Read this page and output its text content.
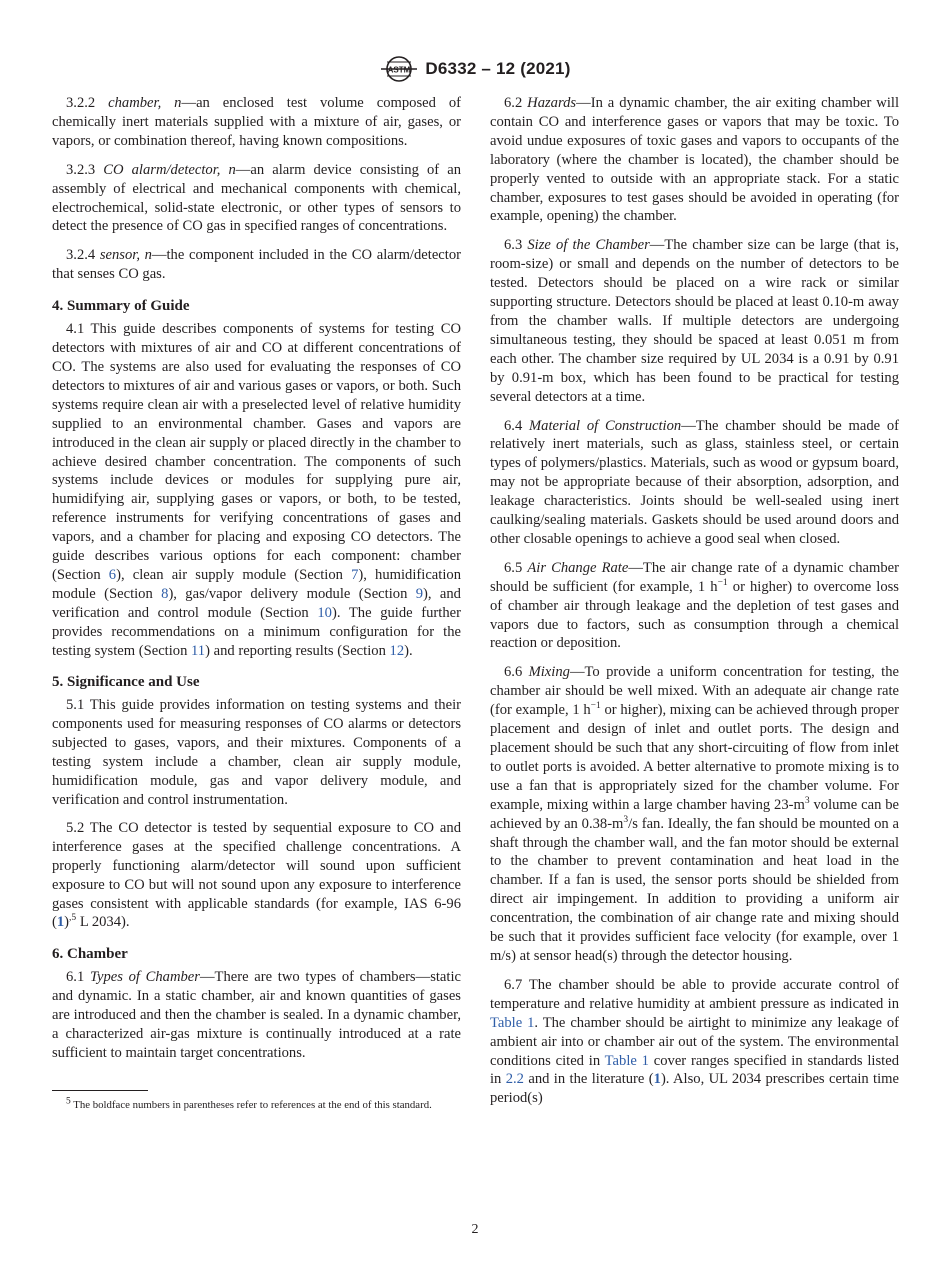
ASTM D6332 – 12 (2021)

3.2.2 chamber, n—an enclosed test volume composed of chemically inert materials supplied with a mixture of air, gases, or vapors, or combination thereof, having known compositions.

3.2.3 CO alarm/detector, n—an alarm device consisting of an assembly of electrical and mechanical components with chemical, electrochemical, solid-state electronic, or other types of sensors to detect the presence of CO gas in specified ranges of concentrations.

3.2.4 sensor, n—the component included in the CO alarm/detector that senses CO gas.

4. Summary of Guide

4.1 This guide describes components of systems for testing CO detectors with mixtures of air and CO at different concentrations of CO. The systems are also used for evaluating the responses of CO detectors to mixtures of air and various gases or vapors, or both. Such systems require clean air with a preselected level of relative humidity supplied to an environmental chamber. Gases and vapors are introduced in the clean air supply or placed directly in the chamber to achieve desired chamber concentration. The components of such systems include devices or modules for supplying pure air, humidifying air, supplying gases or vapors, or both, to be tested, reference instruments for verifying concentrations of gases and vapors, and a chamber for placing and exposing CO detectors. The guide describes various options for each component: chamber (Section 6), clean air supply module (Section 7), humidification module (Section 8), gas/vapor delivery module (Section 9), and verification and control module (Section 10). The guide further provides recommendations on a minimum configuration for the testing system (Section 11) and reporting results (Section 12).

5. Significance and Use

5.1 This guide provides information on testing systems and their components used for measuring responses of CO alarms or detectors subjected to gases, vapors, and their mixtures. Components of a testing system include a chamber, clean air supply module, humidification module, gas and vapor delivery module, and verification and control instrumentation.

5.2 The CO detector is tested by sequential exposure to CO and interference gases at the specified challenge concentrations. A properly functioning alarm/detector will sound upon sufficient exposure to CO but will not sound upon any exposure to interference gases consistent with applicable standards (for example, IAS 6-96 $(1)^{,5}$ L 2034).

6. Chamber

6.1 Types of Chamber—There are two types of chambers—static and dynamic. In a static chamber, air and known quantities of gases are introduced and then the chamber is sealed. In a dynamic chamber, a characterized air-gas mixture is continually introduced at a rate sufficient to maintain target concentrations.

$^5$ The boldface numbers in parentheses refer to references at the end of this standard.

6.2 Hazards—In a dynamic chamber, the air exiting chamber will contain CO and interference gases or vapors that may be toxic. To avoid undue exposures of toxic gases and vapors to occupants of the laboratory (where the chamber is located), the chamber should be properly vented to outside with an appropriate stack. For a static chamber, exposures to test gases should be avoided in operating (for example, opening) the chamber.

6.3 Size of the Chamber—The chamber size can be large (that is, room-size) or small and depends on the number of detectors to be tested. Detectors should be placed on a wire rack or similar supporting structure. Detectors should be placed at least 0.10-m away from the chamber walls. If multiple detectors are undergoing simultaneous testing, they should be spaced at least 0.051 m from each other. The chamber size required by UL 2034 is a 0.91 by 0.91 by 0.91-m box, which has been found to be practical for testing several detectors at a time.

6.4 Material of Construction—The chamber should be made of relatively inert materials, such as glass, stainless steel, or certain types of polymers/plastics. Materials, such as wood or gypsum board, may not be appropriate because of their absorption, adsorption, and leakage characteristics. Joints should be well-sealed using inert caulking/sealing materials. Gaskets should be used around doors and other closable openings to achieve a good seal when closed.

6.5 Air Change Rate—The air change rate of a dynamic chamber should be sufficient (for example, 1 $h^{-1}$ or higher) to overcome loss of chamber air through leakage and the depletion of test gases and vapors due to factors, such as consumption through a chemical reaction or deposition.

6.6 Mixing—To provide a uniform concentration for testing, the chamber air should be well mixed. With an adequate air change rate (for example, 1 $h^{-1}$ or higher), mixing can be achieved through proper placement and design of inlet and outlet ports. The design and placement should be such that any short-circuiting of flow from inlet to outlet ports is avoided. A better alternative to promote mixing is to use a fan that is appropriately sized for the chamber volume. For example, mixing within a large chamber having $23-m^3$ volume can be achieved by an $0.38-m^3/s$ fan. Ideally, the fan should be mounted on a shaft through the chamber wall, and the fan motor should be external to the chamber to prevent contamination and heat load in the chamber. If a fan is used, the sensor ports should be shielded from direct air impingement. In addition to providing a uniform air concentration, the combination of air change rate and mixing should be such that it provides sufficient face velocity (for example, over 1 m/s) at sensor head(s) through the detector housing.

6.7 The chamber should be able to provide accurate control of temperature and relative humidity at ambient pressure as indicated in Table 1. The chamber should be airtight to minimize any leakage of ambient air into or chamber air out of the system. The environmental conditions cited in Table 1 cover ranges specified in standards listed in 2.2 and in the literature (1). Also, UL 2034 prescribes certain time period(s)

2
